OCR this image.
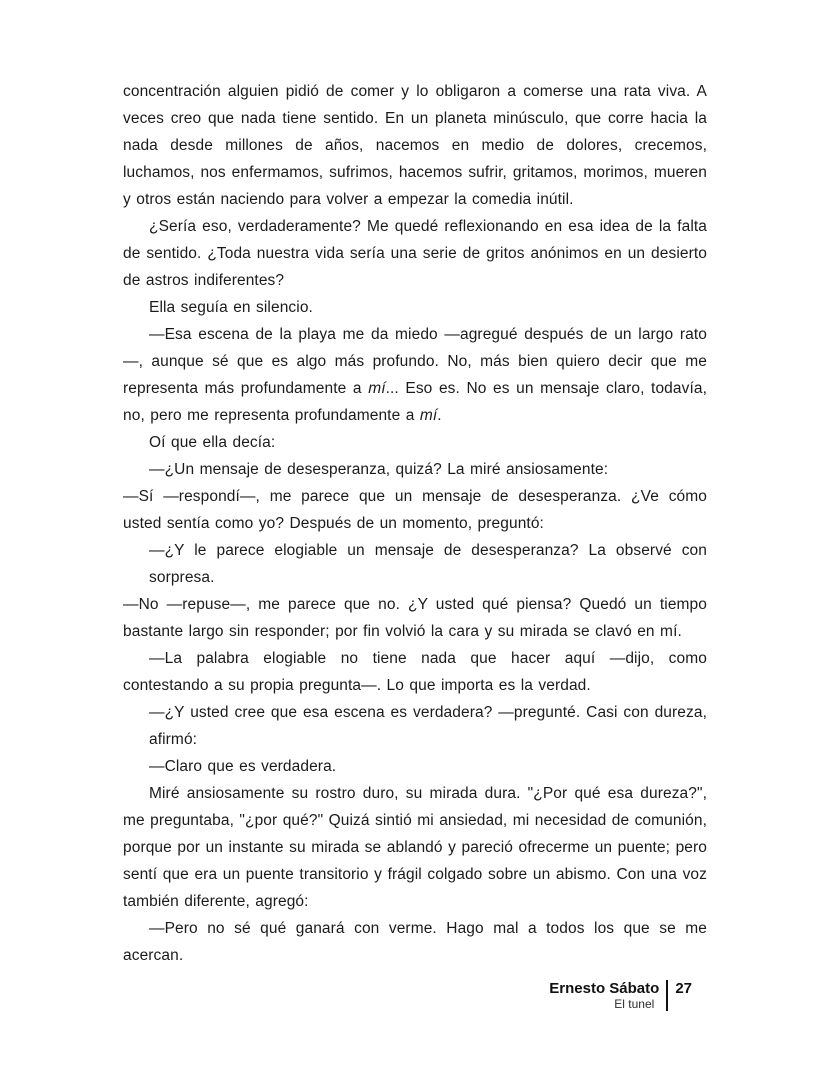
concentración alguien pidió de comer y lo obligaron a comerse una rata viva. A veces creo que nada tiene sentido. En un planeta minúsculo, que corre hacia la nada desde millones de años, nacemos en medio de dolores, crecemos, luchamos, nos enfermamos, sufrimos, hacemos sufrir, gritamos, morimos, mueren y otros están naciendo para volver a empezar la comedia inútil.

¿Sería eso, verdaderamente? Me quedé reflexionando en esa idea de la falta de sentido. ¿Toda nuestra vida sería una serie de gritos anónimos en un desierto de astros indiferentes?

Ella seguía en silencio.

—Esa escena de la playa me da miedo —agregué después de un largo rato—, aunque sé que es algo más profundo. No, más bien quiero decir que me representa más profundamente a mí... Eso es. No es un mensaje claro, todavía, no, pero me representa profundamente a mí.

Oí que ella decía:

—¿Un mensaje de desesperanza, quizá? La miré ansiosamente:

—Sí —respondí—, me parece que un mensaje de desesperanza. ¿Ve cómo usted sentía como yo? Después de un momento, preguntó:

—¿Y le parece elogiable un mensaje de desesperanza? La observé con sorpresa.

—No —repuse—, me parece que no. ¿Y usted qué piensa? Quedó un tiempo bastante largo sin responder; por fin volvió la cara y su mirada se clavó en mí.

—La palabra elogiable no tiene nada que hacer aquí —dijo, como contestando a su propia pregunta—. Lo que importa es la verdad.

—¿Y usted cree que esa escena es verdadera? —pregunté. Casi con dureza, afirmó:

—Claro que es verdadera.

Miré ansiosamente su rostro duro, su mirada dura. "¿Por qué esa dureza?", me preguntaba, "¿por qué?" Quizá sintió mi ansiedad, mi necesidad de comunión, porque por un instante su mirada se ablandó y pareció ofrecerme un puente; pero sentí que era un puente transitorio y frágil colgado sobre un abismo. Con una voz también diferente, agregó:

—Pero no sé qué ganará con verme. Hago mal a todos los que se me acercan.

Ernesto Sábato
El tunel
27
